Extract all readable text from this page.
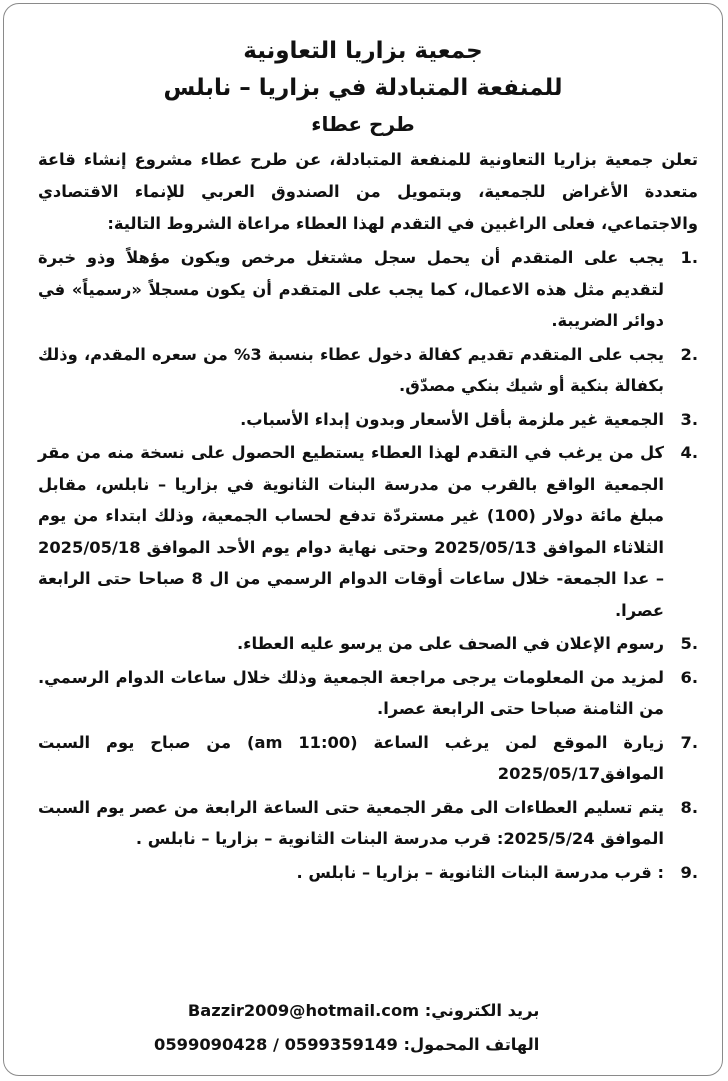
جمعية بزاريا التعاونية
للمنفعة المتبادلة في بزاريا – نابلس
طرح عطاء

تعلن جمعية بزاريا التعاونية للمنفعة المتبادلة، عن طرح عطاء مشروع إنشاء قاعة متعددة الأغراض للجمعية، وبتمويل من الصندوق العربي للإنماء الاقتصادي والاجتماعي، فعلى الراغبين في التقدم لهذا العطاء مراعاة الشروط التالية:

1.
يجب على المتقدم أن يحمل سجل مشتغل مرخص ويكون مؤهلاً وذو خبرة لتقديم مثل هذه الاعمال، كما يجب على المتقدم أن يكون مسجلاً «رسمياً» في دوائر الضريبة.
2.
يجب على المتقدم تقديم كفالة دخول عطاء بنسبة 3% من سعره المقدم، وذلك بكفالة بنكية أو شيك بنكي مصدّق.
3.
الجمعية غير ملزمة بأقل الأسعار وبدون إبداء الأسباب.
4.
كل من يرغب في التقدم لهذا العطاء يستطيع الحصول على نسخة منه من مقر الجمعية الواقع بالقرب من مدرسة البنات الثانوية في بزاريا – نابلس، مقابل مبلغ مائة دولار (100) غير مستردّة تدفع لحساب الجمعية، وذلك ابتداء من يوم الثلاثاء الموافق 2025/05/13 وحتى نهاية دوام يوم الأحد الموافق 2025/05/18 – عدا الجمعة- خلال ساعات أوقات الدوام الرسمي من ال 8 صباحا حتى الرابعة عصرا.
5.
رسوم الإعلان في الصحف على من يرسو عليه العطاء.
6.
لمزيد من المعلومات يرجى مراجعة الجمعية وذلك خلال ساعات الدوام الرسمي. من الثامنة صباحا حتى الرابعة عصرا.
7.
زيارة الموقع لمن يرغب الساعة (am 11:00) من صباح يوم السبت الموافق2025/05/17
8.
يتم تسليم العطاءات الى مقر الجمعية حتى الساعة الرابعة من عصر يوم السبت الموافق 2025/5/24: قرب مدرسة البنات الثانوية – بزاريا – نابلس .
9.
: قرب مدرسة البنات الثانوية – بزاريا – نابلس .
بريد الكتروني: Bazzir2009@hotmail.com
الهاتف المحمول: 0599090428 / 0599359149
